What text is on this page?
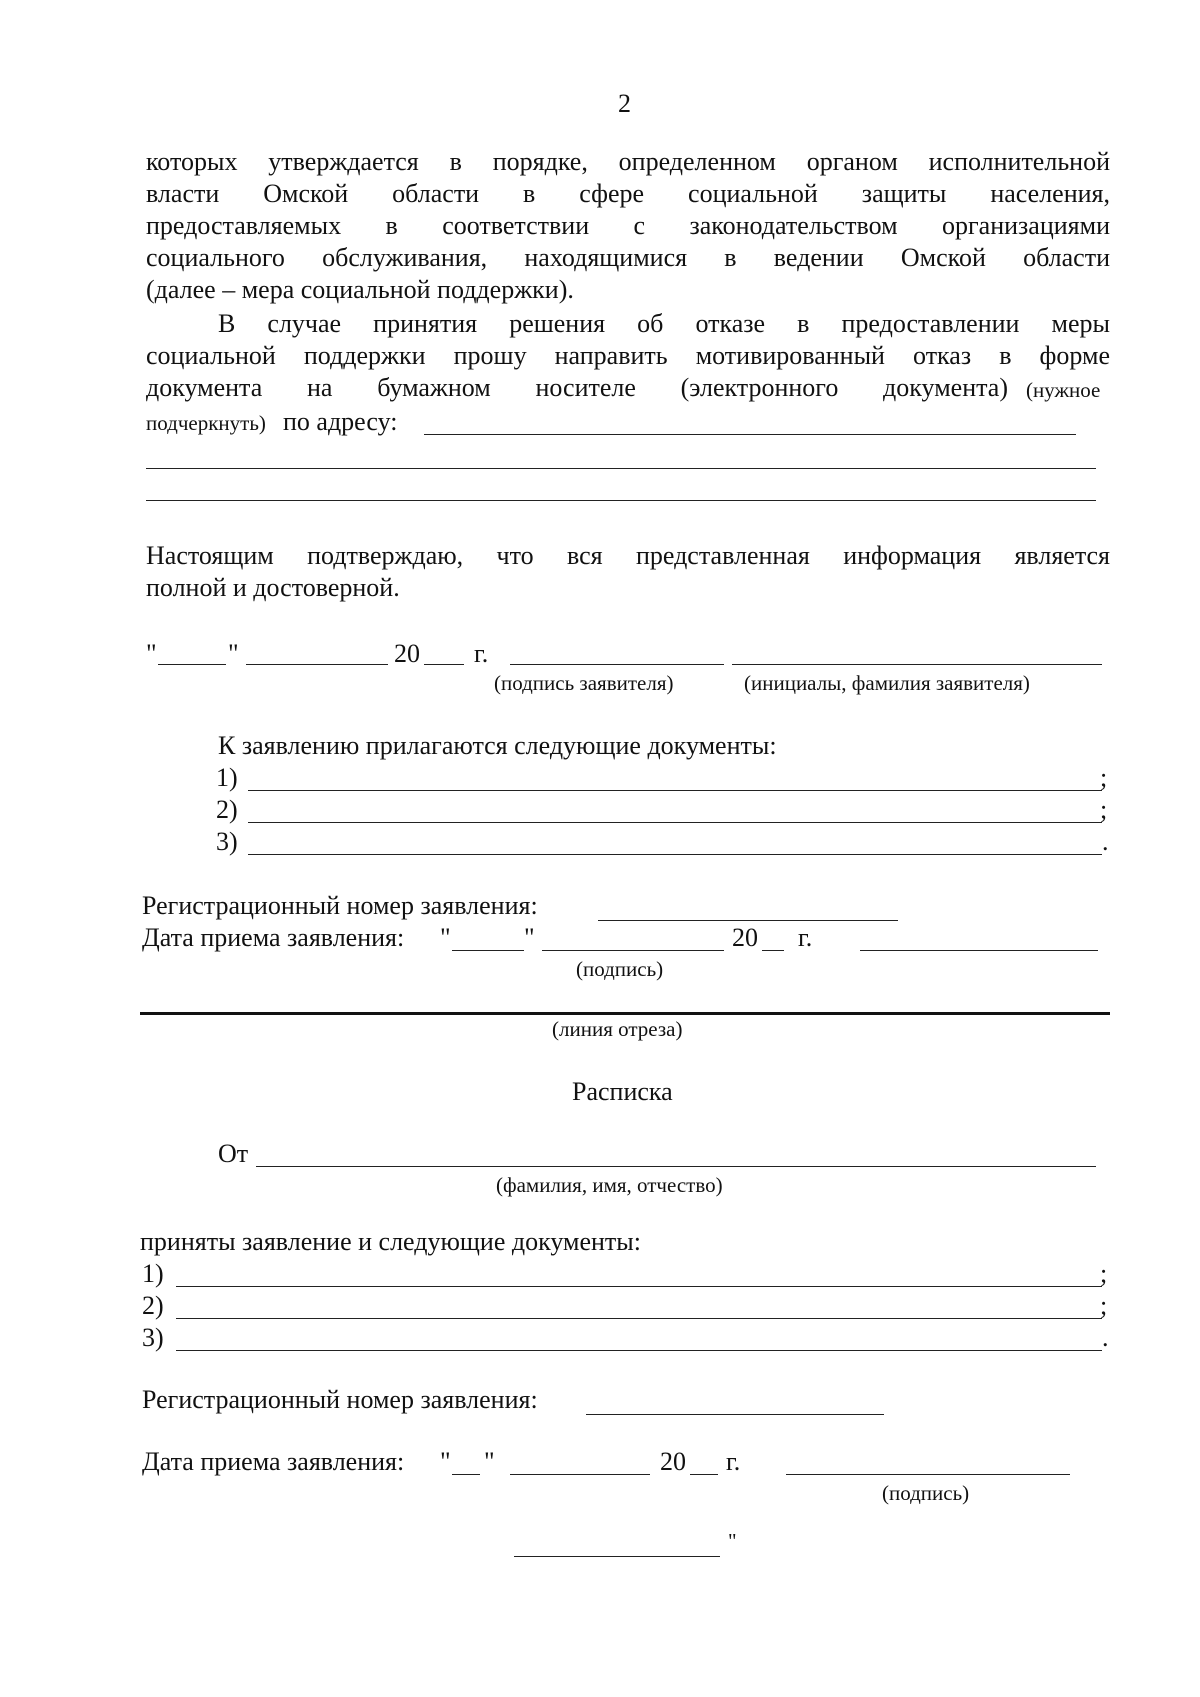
2
которых утверждается в порядке, определенном органом исполнительной
власти Омской области в сфере социальной защиты населения,
предоставляемых в соответствии с законодательством организациями
социального обслуживания, находящимися в ведении Омской области
(далее – мера социальной поддержки).
В случае принятия решения об отказе в предоставлении меры
социальной поддержки прошу направить мотивированный отказ в форме
документа на бумажном носителе (электронного документа) (нужное
подчеркнуть) по адресу:
Настоящим подтверждаю, что вся представленная информация является
полной и достоверной.
"	"	20 г.
(подпись заявителя)	(инициалы, фамилия заявителя)
К заявлению прилагаются следующие документы:
1)	;
2)	;
3)	.
Регистрационный номер заявления:
Дата приема заявления: "	"	20 г.
(подпись)
(линия отреза)
Расписка
От
(фамилия, имя, отчество)
приняты заявление и следующие документы:
1)	;
2)	;
3)	.
Регистрационный номер заявления:
Дата приема заявления: " "	20 г.
(подпись)
"
